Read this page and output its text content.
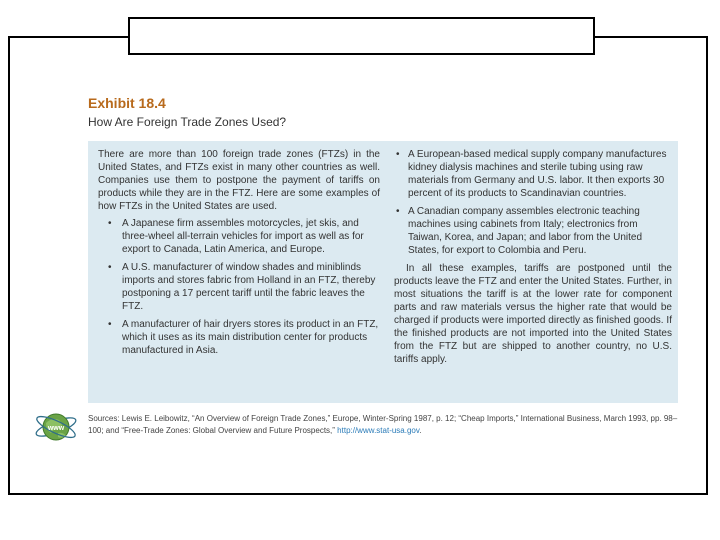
Exhibit 18.4
How Are Foreign Trade Zones Used?

There are more than 100 foreign trade zones (FTZs) in the United States, and FTZs exist in many other countries as well. Companies use them to postpone the payment of tariffs on products while they are in the FTZ. Here are some examples of how FTZs in the United States are used.

• A Japanese firm assembles motorcycles, jet skis, and three-wheel all-terrain vehicles for import as well as for export to Canada, Latin America, and Europe.
• A U.S. manufacturer of window shades and miniblinds imports and stores fabric from Holland in an FTZ, thereby postponing a 17 percent tariff until the fabric leaves the FTZ.
• A manufacturer of hair dryers stores its product in an FTZ, which it uses as its main distribution center for products manufactured in Asia.
• A European-based medical supply company manufactures kidney dialysis machines and sterile tubing using raw materials from Germany and U.S. labor. It then exports 30 percent of its products to Scandinavian countries.
• A Canadian company assembles electronic teaching machines using cabinets from Italy; electronics from Taiwan, Korea, and Japan; and labor from the United States, for export to Colombia and Peru.

In all these examples, tariffs are postponed until the products leave the FTZ and enter the United States. Further, in most situations the tariff is at the lower rate for component parts and raw materials versus the higher rate that would be charged if products were imported directly as finished goods. If the finished products are not imported into the United States from the FTZ but are shipped to another country, no U.S. tariffs apply.

www

Sources: Lewis E. Leibowitz, “An Overview of Foreign Trade Zones,” Europe, Winter-Spring 1987, p. 12; “Cheap Imports,” International Business, March 1993, pp. 98–100; and “Free-Trade Zones: Global Overview and Future Prospects,” http://www.stat-usa.gov.
